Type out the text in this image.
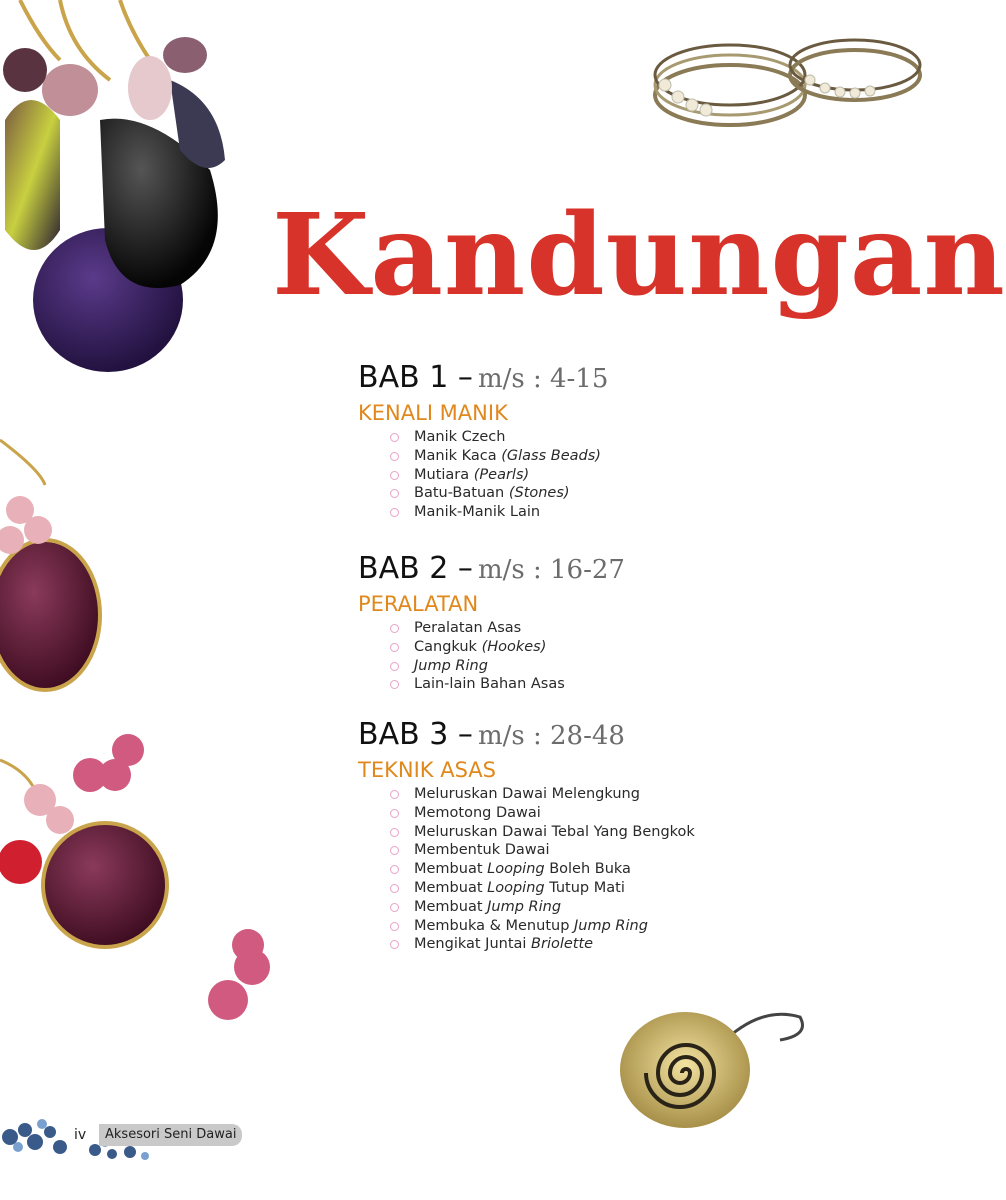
Kandungan
BAB 1 – m/s : 4-15
KENALI MANIK
Manik Czech
Manik Kaca (Glass Beads)
Mutiara (Pearls)
Batu-Batuan (Stones)
Manik-Manik Lain
BAB 2 – m/s : 16-27
PERALATAN
Peralatan Asas
Cangkuk (Hookes)
Jump Ring
Lain-lain Bahan Asas
BAB 3 – m/s : 28-48
TEKNIK ASAS
Meluruskan Dawai Melengkung
Memotong Dawai
Meluruskan Dawai Tebal Yang Bengkok
Membentuk Dawai
Membuat Looping Boleh Buka
Membuat Looping Tutup Mati
Membuat Jump Ring
Membuka & Menutup Jump Ring
Mengikat Juntai Briolette
Aksesori Seni Dawai
iv
